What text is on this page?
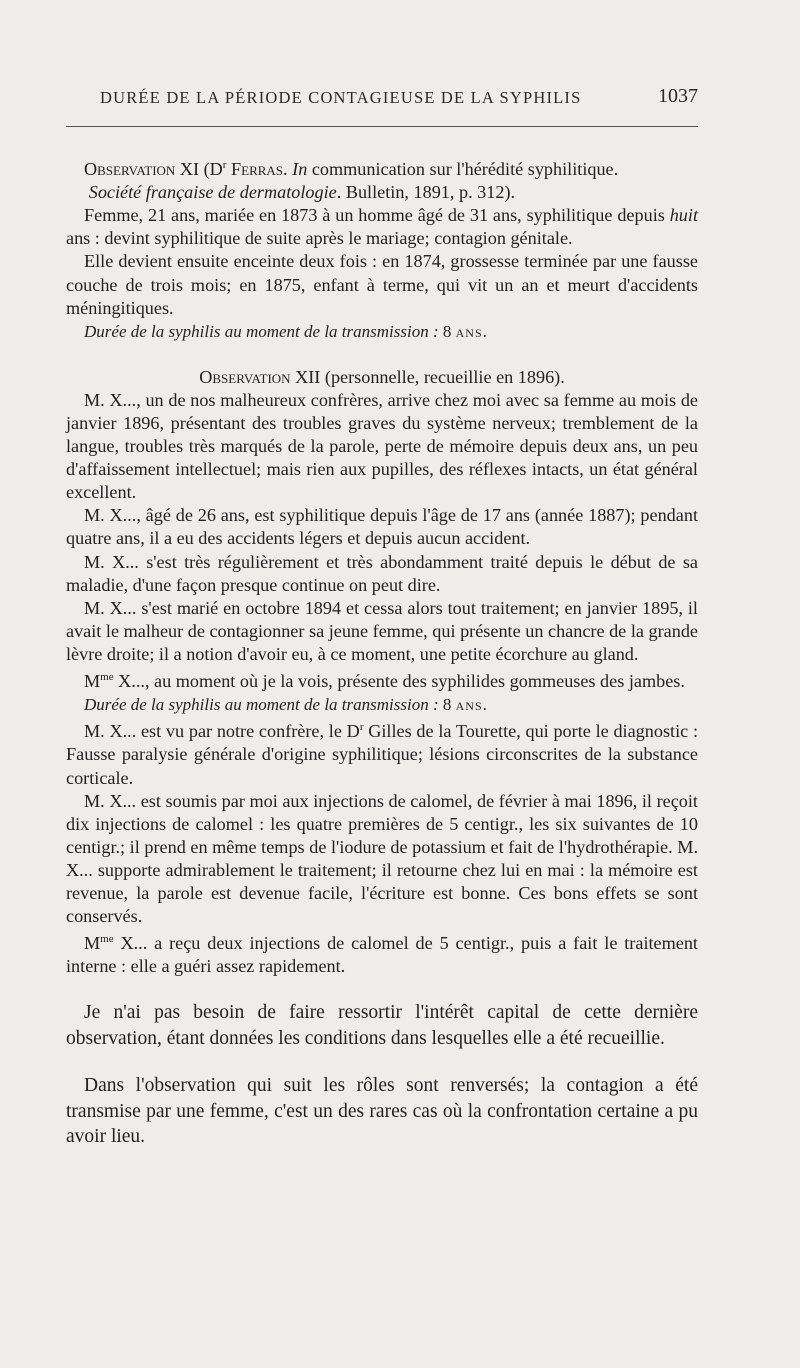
DURÉE DE LA PÉRIODE CONTAGIEUSE DE LA SYPHILIS	1037

Observation XI ($D^r$ Ferras. In communication sur l'hérédité syphilitique.
Société française de dermatologie. Bulletin, 1891, p. 312).

Femme, 21 ans, mariée en 1873 à un homme âgé de 31 ans, syphilitique depuis huit ans : devint syphilitique de suite après le mariage; contagion génitale.

Elle devient ensuite enceinte deux fois : en 1874, grossesse terminée par une fausse couche de trois mois; en 1875, enfant à terme, qui vit un an et meurt d'accidents méningitiques.

Durée de la syphilis au moment de la transmission : 8 ans.

Observation XII (personnelle, recueillie en 1896).

M. X..., un de nos malheureux confrères, arrive chez moi avec sa femme au mois de janvier 1896, présentant des troubles graves du système nerveux; tremblement de la langue, troubles très marqués de la parole, perte de mémoire depuis deux ans, un peu d'affaissement intellectuel; mais rien aux pupilles, des réflexes intacts, un état général excellent.

M. X..., âgé de 26 ans, est syphilitique depuis l'âge de 17 ans (année 1887); pendant quatre ans, il a eu des accidents légers et depuis aucun accident.

M. X... s'est très régulièrement et très abondamment traité depuis le début de sa maladie, d'une façon presque continue on peut dire.

M. X... s'est marié en octobre 1894 et cessa alors tout traitement; en janvier 1895, il avait le malheur de contagionner sa jeune femme, qui présente un chancre de la grande lèvre droite; il a notion d'avoir eu, à ce moment, une petite écorchure au gland.

$M^{me}$ X..., au moment où je la vois, présente des syphilides gommeuses des jambes.

Durée de la syphilis au moment de la transmission : 8 ans.

M. X... est vu par notre confrère, le $D^r$ Gilles de la Tourette, qui porte le diagnostic : Fausse paralysie générale d'origine syphilitique; lésions circonscrites de la substance corticale.

M. X... est soumis par moi aux injections de calomel, de février à mai 1896, il reçoit dix injections de calomel : les quatre premières de 5 centigr., les six suivantes de 10 centigr.; il prend en même temps de l'iodure de potassium et fait de l'hydrothérapie. M. X... supporte admirablement le traitement; il retourne chez lui en mai : la mémoire est revenue, la parole est devenue facile, l'écriture est bonne. Ces bons effets se sont conservés.

$M^{me}$ X... a reçu deux injections de calomel de 5 centigr., puis a fait le traitement interne : elle a guéri assez rapidement.

Je n'ai pas besoin de faire ressortir l'intérêt capital de cette dernière observation, étant données les conditions dans lesquelles elle a été recueillie.

Dans l'observation qui suit les rôles sont renversés; la contagion a été transmise par une femme, c'est un des rares cas où la confrontation certaine a pu avoir lieu.
